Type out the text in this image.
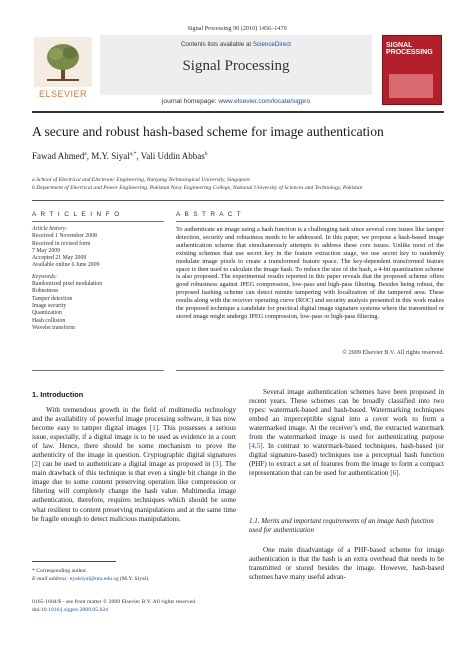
Signal Processing 90 (2010) 1456–1470
ELSEVIER
Contents lists available at ScienceDirect
Signal Processing
journal homepage: www.elsevier.com/locate/sigpro
SIGNAL PROCESSING
A secure and robust hash-based scheme for image authentication
Fawad Ahmed$^a$, M.Y. Siyal$^{a,*}$, Vali Uddin Abbas$^b$
a School of Electrical and Electronic Engineering, Nanyang Technological University, Singapore
b Department of Electrical and Power Engineering, Pakistan Navy Engineering College, National University of Sciences and Technology, Pakistan
A R T I C L E I N F O
Article history:
Received 1 November 2008
Received in revised form
7 May 2009
Accepted 21 May 2009
Available online 6 June 2009
Keywords:
Randomized pixel modulation
Robustness
Tamper detection
Image security
Quantization
Hash collision
Wavelet transform
A B S T R A C T
To authenticate an image using a hash function is a challenging task since several core issues like tamper detection, security and robustness needs to be addressed. In this paper, we propose a hash-based image authentication scheme that simultaneously attempts to address these core issues. Unlike most of the existing schemes that use secret key in the feature extraction stage, we use secret key to randomly modulate image pixels to create a transformed feature space. The key-dependent transformed feature space is then used to calculate the image hash. To reduce the size of the hash, a 4-bit quantization scheme is also proposed. The experimental results reported in this paper reveals that the proposed scheme offers good robustness against JPEG compression, low-pass and high-pass filtering. Besides being robust, the proposed hashing scheme can detect minute tampering with localization of the tampered area. These results along with the receiver operating curve (ROC) and security analysis presented in this work makes the proposed technique a candidate for practical digital image signature systems where the transmitted or stored image might undergo JPEG compression, low-pass or high-pass filtering.
© 2009 Elsevier B.V. All rights reserved.
1. Introduction

With tremendous growth in the field of multimedia technology and the availability of powerful image processing software, it has now become easy to tamper digital images [1]. This possesses a serious issue, especially, if a digital image is to be used as evidence in a court of law. Hence, there should be some mechanism to prove the authenticity of the image in question. Cryptographic digital signatures [2] can be used to authenticate a digital image as proposed in [3]. The main drawback of this technique is that even a single bit change in the image due to some content preserving operation like compression or filtering will completely change the hash value. Multimedia image authentication, therefore, requires techniques which should be some what resilient to content preserving manipulations and at the same time be fragile enough to detect malicious manipulations.

Several image authentication schemes have been proposed in recent years. These schemes can be broadly classified into two types: watermark-based and hash-based. Watermarking techniques embed an imperceptible signal into a cover work to form a watermarked image. At the receiver’s end, the extracted watermark from the watermarked image is used for authenticating purpose [4,5]. In contrast to watermark-based techniques, hash-based (or digital signature-based) techniques use a perceptual hash function (PHF) to extract a set of features from the image to form a compact representation that can be used for authentication [6].

1.1. Merits and important requirements of an image hash function used for authentication

One main disadvantage of a PHF-based scheme for image authentication is that the hash is an extra overhead that needs to be transmitted or stored besides the image. However, hash-based schemes have many useful advan-

* Corresponding author.
E-mail address: eyalsiyal@ntu.edu.sg (M.Y. Siyal).
0165-1684/$ - see front matter © 2009 Elsevier B.V. All rights reserved.
doi:10.1016/j.sigpro.2009.05.024
